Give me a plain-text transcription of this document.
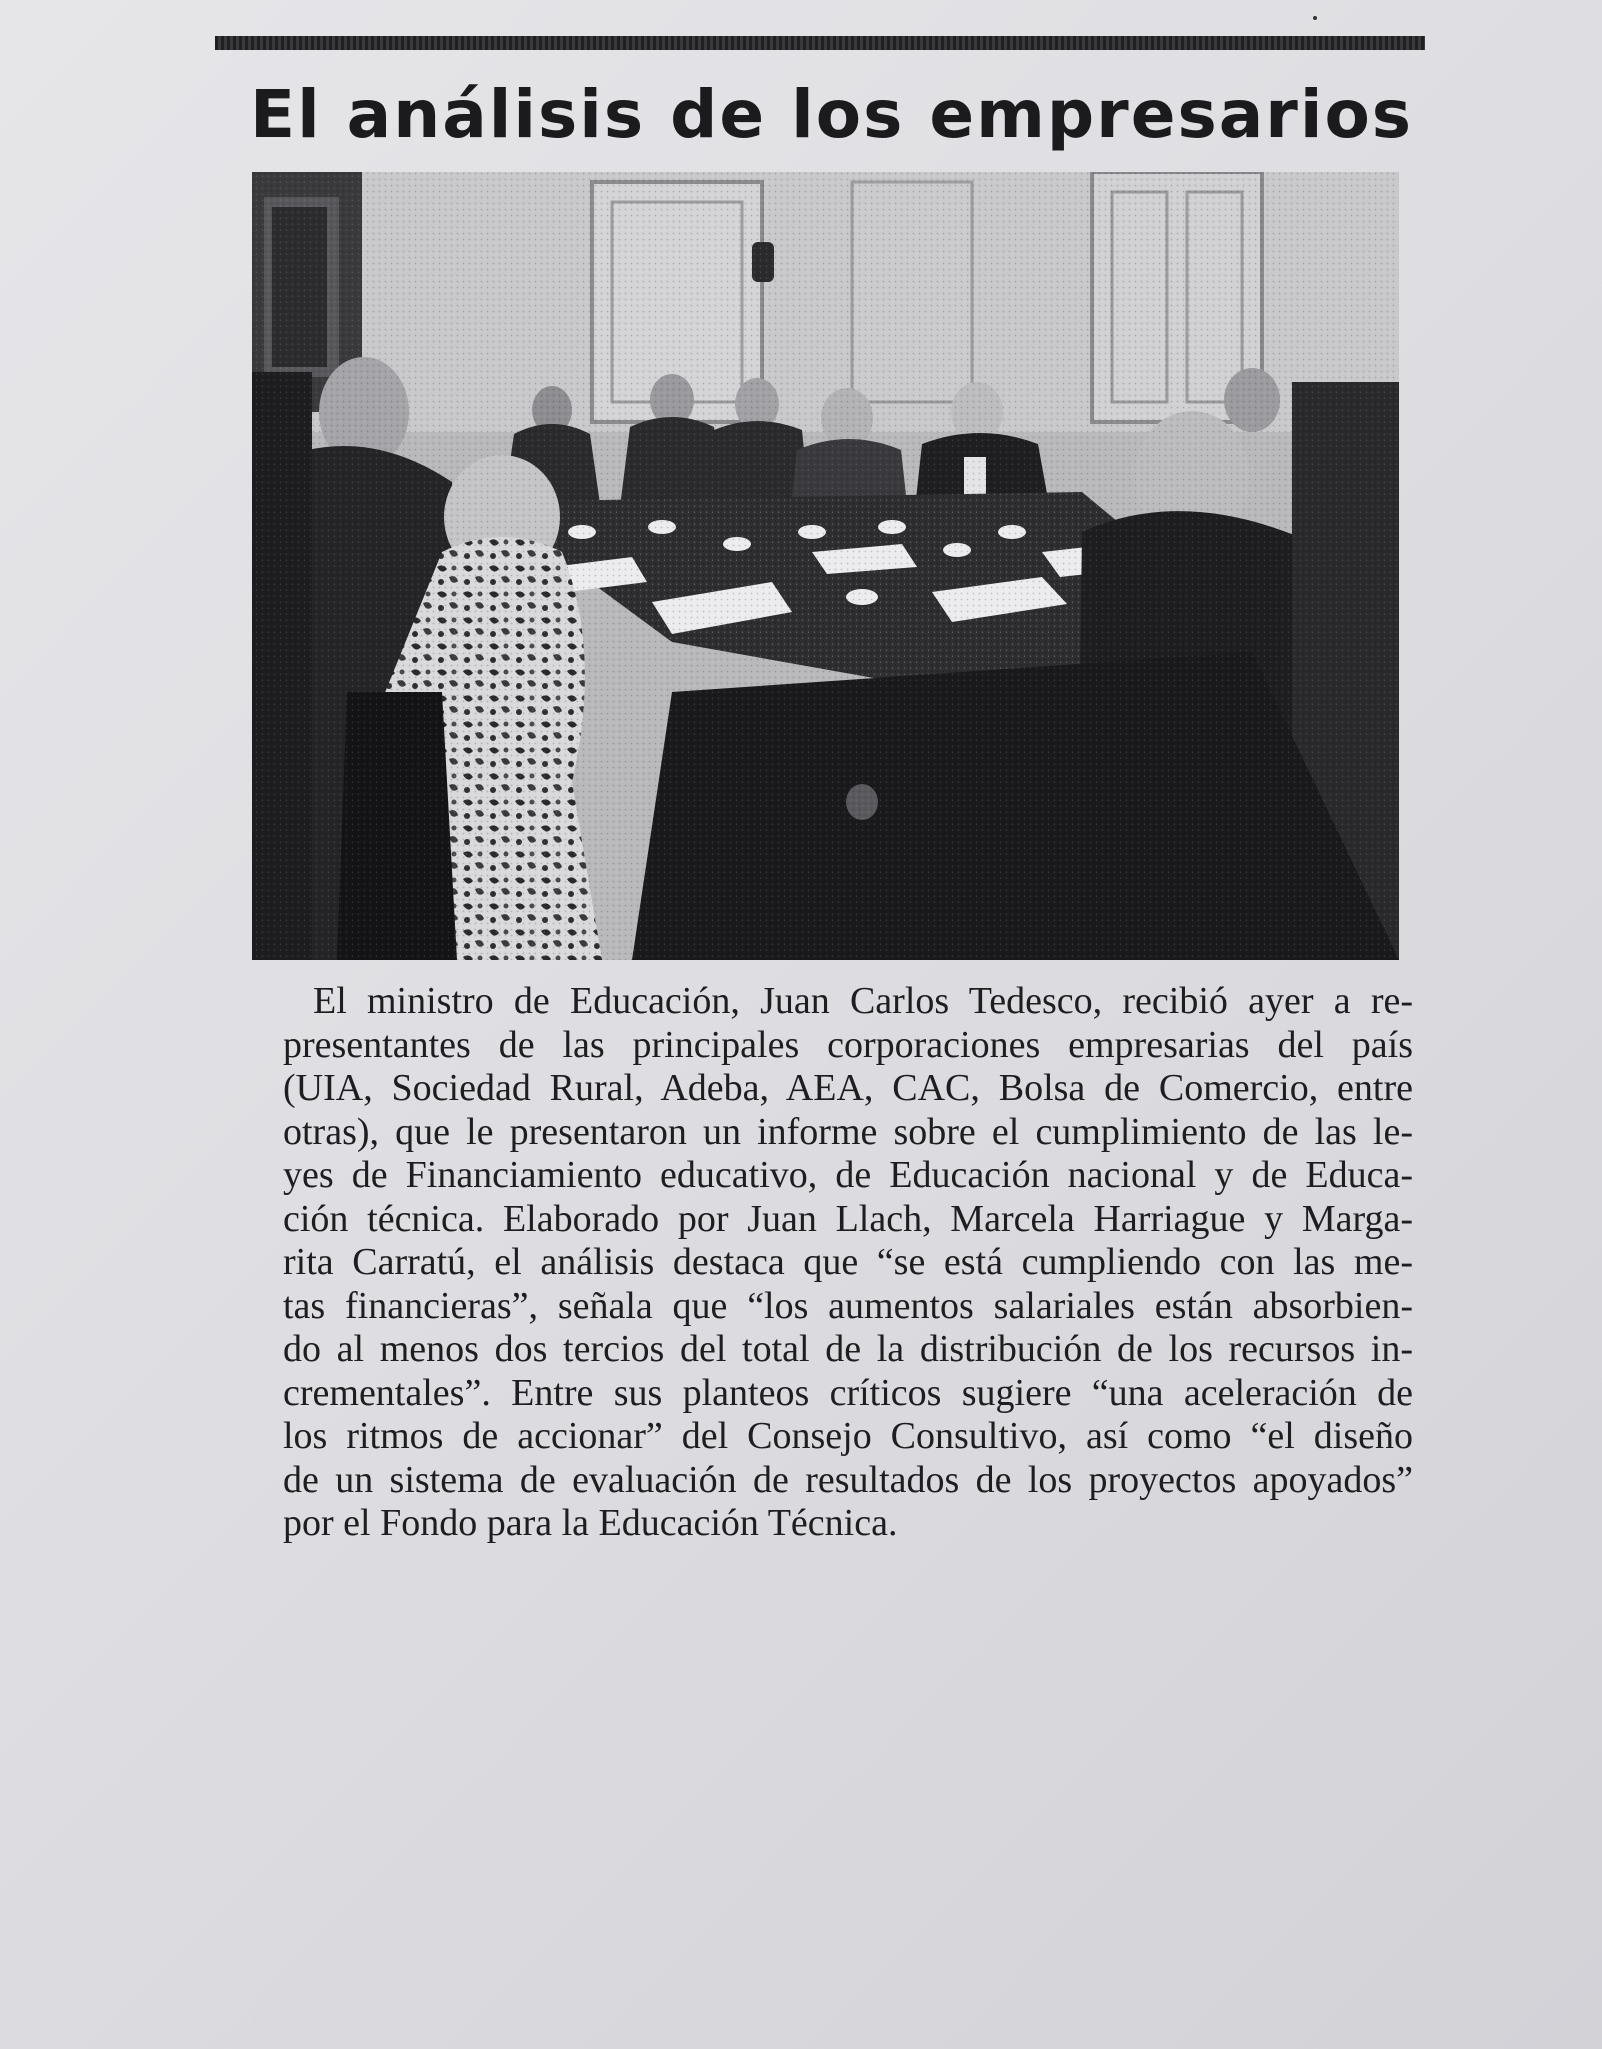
El análisis de los empresarios

El ministro de Educación, Juan Carlos Tedesco, recibió ayer a re-
presentantes de las principales corporaciones empresarias del país
(UIA, Sociedad Rural, Adeba, AEA, CAC, Bolsa de Comercio, entre
otras), que le presentaron un informe sobre el cumplimiento de las le-
yes de Financiamiento educativo, de Educación nacional y de Educa-
ción técnica. Elaborado por Juan Llach, Marcela Harriague y Marga-
rita Carratú, el análisis destaca que “se está cumpliendo con las me-
tas financieras”, señala que “los aumentos salariales están absorbien-
do al menos dos tercios del total de la distribución de los recursos in-
crementales”. Entre sus planteos críticos sugiere “una aceleración de
los ritmos de accionar” del Consejo Consultivo, así como “el diseño
de un sistema de evaluación de resultados de los proyectos apoyados”
por el Fondo para la Educación Técnica.
